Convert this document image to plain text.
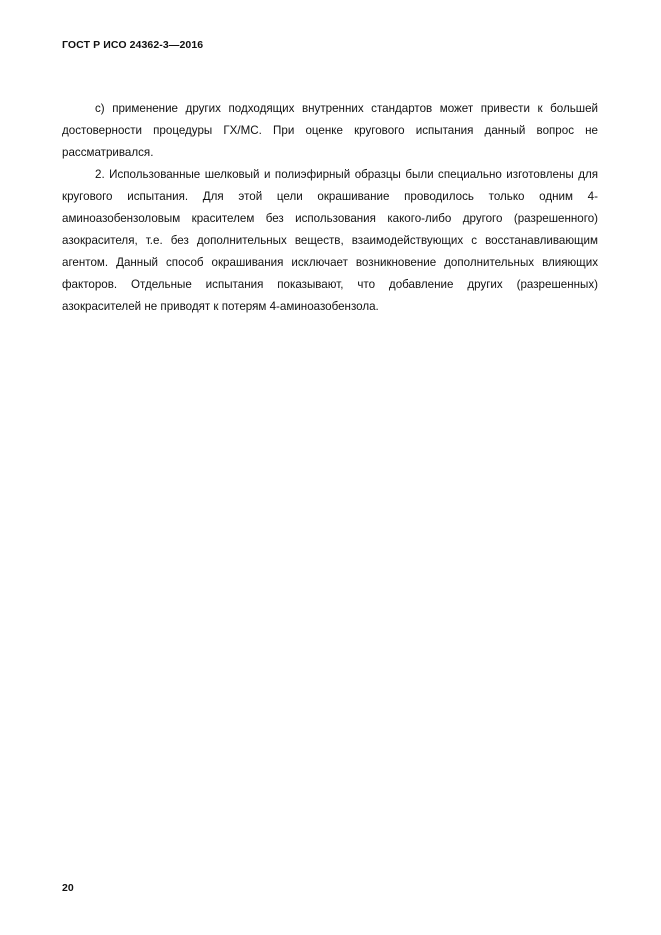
ГОСТ Р ИСО 24362-3—2016

c) применение других подходящих внутренних стандартов может привести к большей достоверности процедуры ГХ/МС. При оценке кругового испытания данный вопрос не рассматривался.

2. Использованные шелковый и полиэфирный образцы были специально изготовлены для кругового испытания. Для этой цели окрашивание проводилось только одним 4-аминоазобензоловым красителем без использования какого-либо другого (разрешенного) азокрасителя, т.е. без дополнительных веществ, взаимодействующих с восстанавливающим агентом. Данный способ окрашивания исключает возникновение дополнительных влияющих факторов. Отдельные испытания показывают, что добавление других (разрешенных) азокрасителей не приводят к потерям 4-аминоазобензола.

20
